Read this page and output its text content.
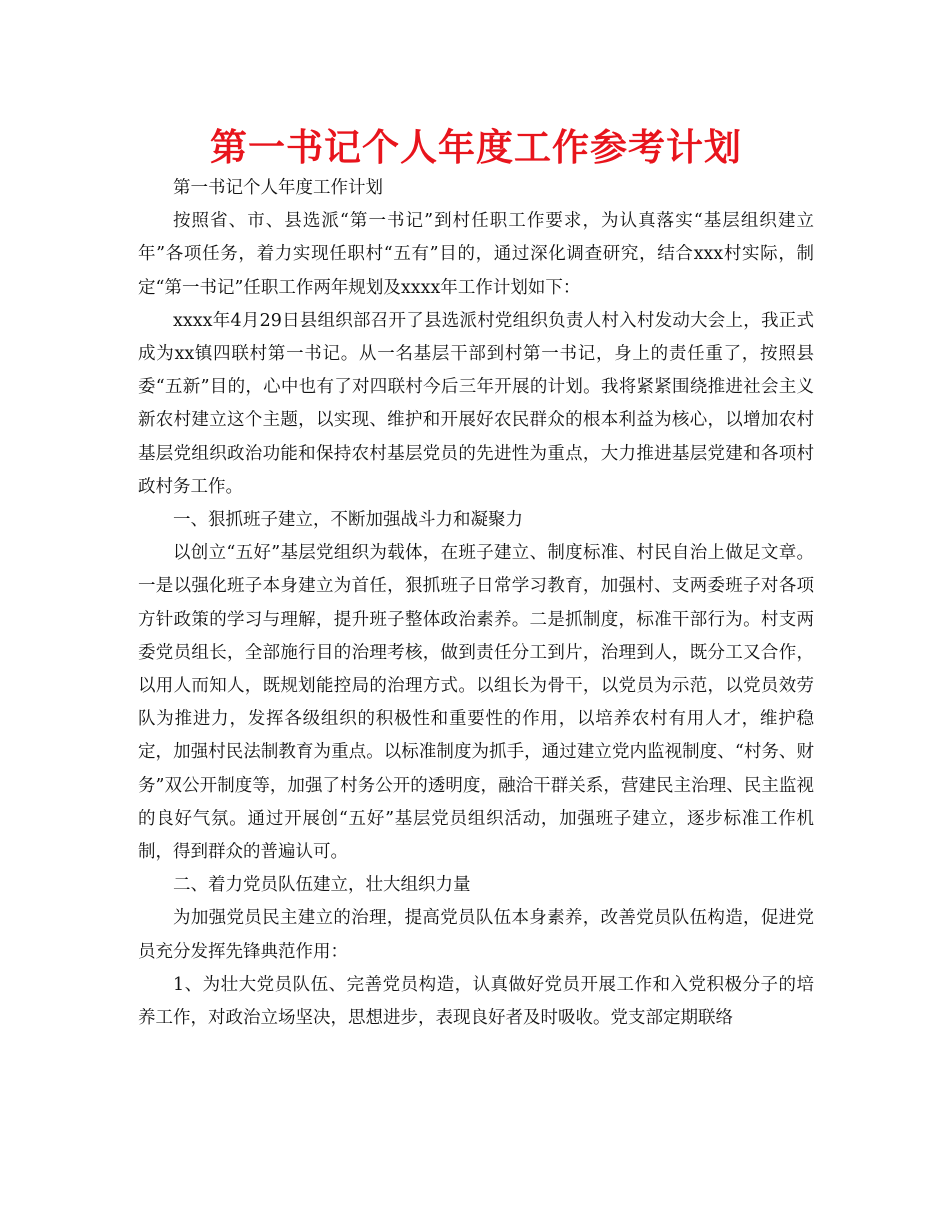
第一书记个人年度工作参考计划

第一书记个人年度工作计划

按照省、市、县选派“第一书记”到村任职工作要求，为认真落实“基层组织建立年”各项任务，着力实现任职村“五有”目的，通过深化调查研究，结合xxx村实际，制定“第一书记”任职工作两年规划及xxxx年工作计划如下：

xxxx年4月29日县组织部召开了县选派村党组织负责人村入村发动大会上，我正式成为xx镇四联村第一书记。从一名基层干部到村第一书记，身上的责任重了，按照县委“五新”目的，心中也有了对四联村今后三年开展的计划。我将紧紧围绕推进社会主义新农村建立这个主题，以实现、维护和开展好农民群众的根本利益为核心，以增加农村基层党组织政治功能和保持农村基层党员的先进性为重点，大力推进基层党建和各项村政村务工作。

一、狠抓班子建立，不断加强战斗力和凝聚力

以创立“五好”基层党组织为载体，在班子建立、制度标准、村民自治上做足文章。一是以强化班子本身建立为首任，狠抓班子日常学习教育，加强村、支两委班子对各项方针政策的学习与理解，提升班子整体政治素养。二是抓制度，标准干部行为。村支两委党员组长，全部施行目的治理考核，做到责任分工到片，治理到人，既分工又合作，以用人而知人，既规划能控局的治理方式。以组长为骨干，以党员为示范，以党员效劳队为推进力，发挥各级组织的积极性和重要性的作用，以培养农村有用人才，维护稳定，加强村民法制教育为重点。以标准制度为抓手，通过建立党内监视制度、“村务、财务”双公开制度等，加强了村务公开的透明度，融洽干群关系，营建民主治理、民主监视的良好气氛。通过开展创“五好”基层党员组织活动，加强班子建立，逐步标准工作机制，得到群众的普遍认可。

二、着力党员队伍建立，壮大组织力量

为加强党员民主建立的治理，提高党员队伍本身素养，改善党员队伍构造，促进党员充分发挥先锋典范作用：

1、为壮大党员队伍、完善党员构造，认真做好党员开展工作和入党积极分子的培养工作，对政治立场坚决，思想进步，表现良好者及时吸收。党支部定期联络
